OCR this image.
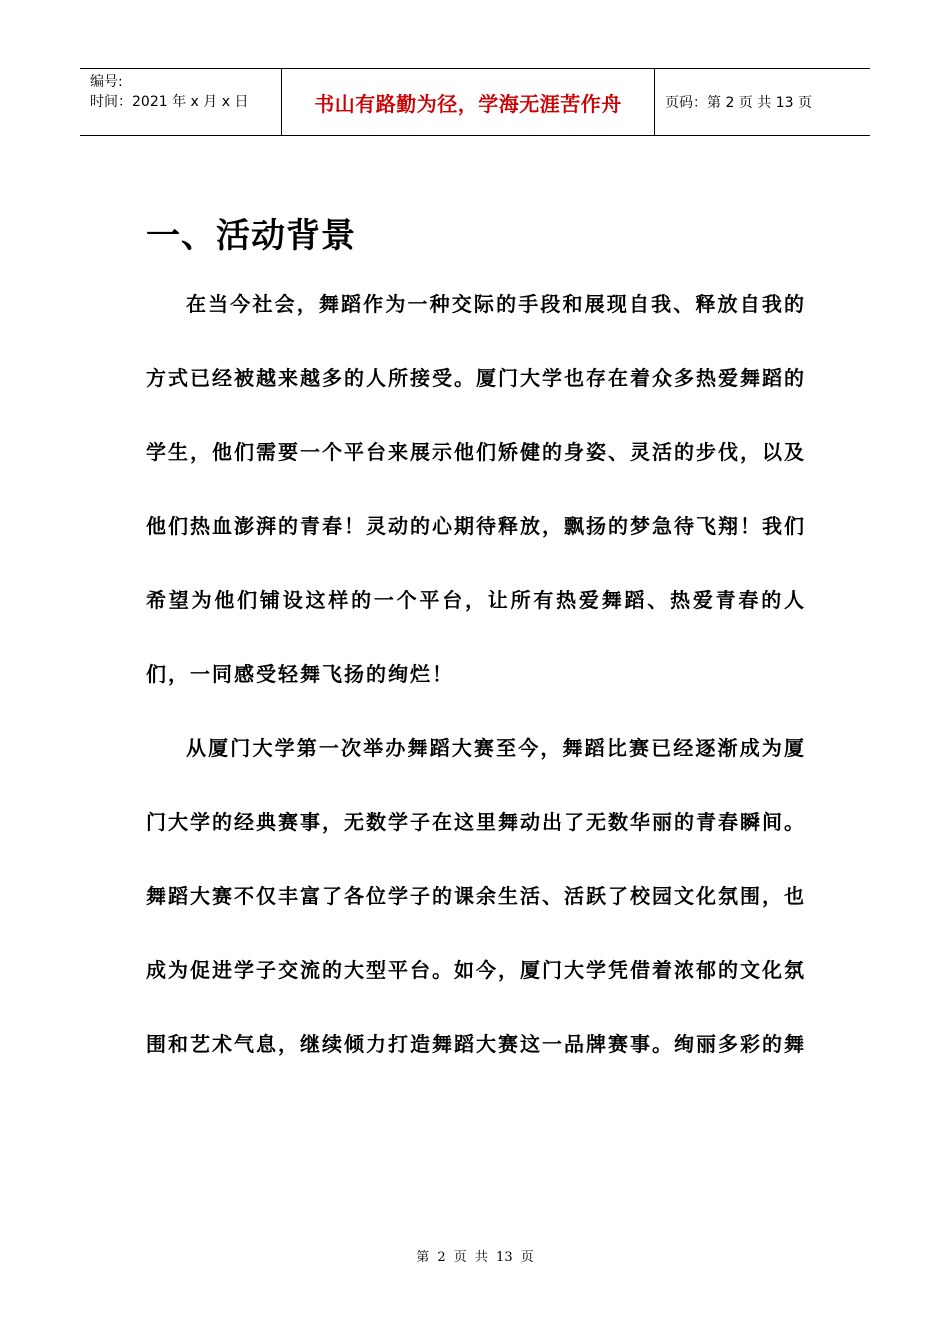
编号:
时间：2021 年 x 月 x 日	书山有路勤为径，学海无涯苦作舟	页码：第 2 页 共 13 页
一、活动背景

在当今社会，舞蹈作为一种交际的手段和展现自我、释放自我的方式已经被越来越多的人所接受。厦门大学也存在着众多热爱舞蹈的学生，他们需要一个平台来展示他们矫健的身姿、灵活的步伐，以及他们热血澎湃的青春！灵动的心期待释放，飘扬的梦急待飞翔！我们希望为他们铺设这样的一个平台，让所有热爱舞蹈、热爱青春的人们，一同感受轻舞飞扬的绚烂！

从厦门大学第一次举办舞蹈大赛至今，舞蹈比赛已经逐渐成为厦门大学的经典赛事，无数学子在这里舞动出了无数华丽的青春瞬间。舞蹈大赛不仅丰富了各位学子的课余生活、活跃了校园文化氛围，也成为促进学子交流的大型平台。如今，厦门大学凭借着浓郁的文化氛围和艺术气息，继续倾力打造舞蹈大赛这一品牌赛事。绚丽多彩的舞

第 2 页 共 13 页
